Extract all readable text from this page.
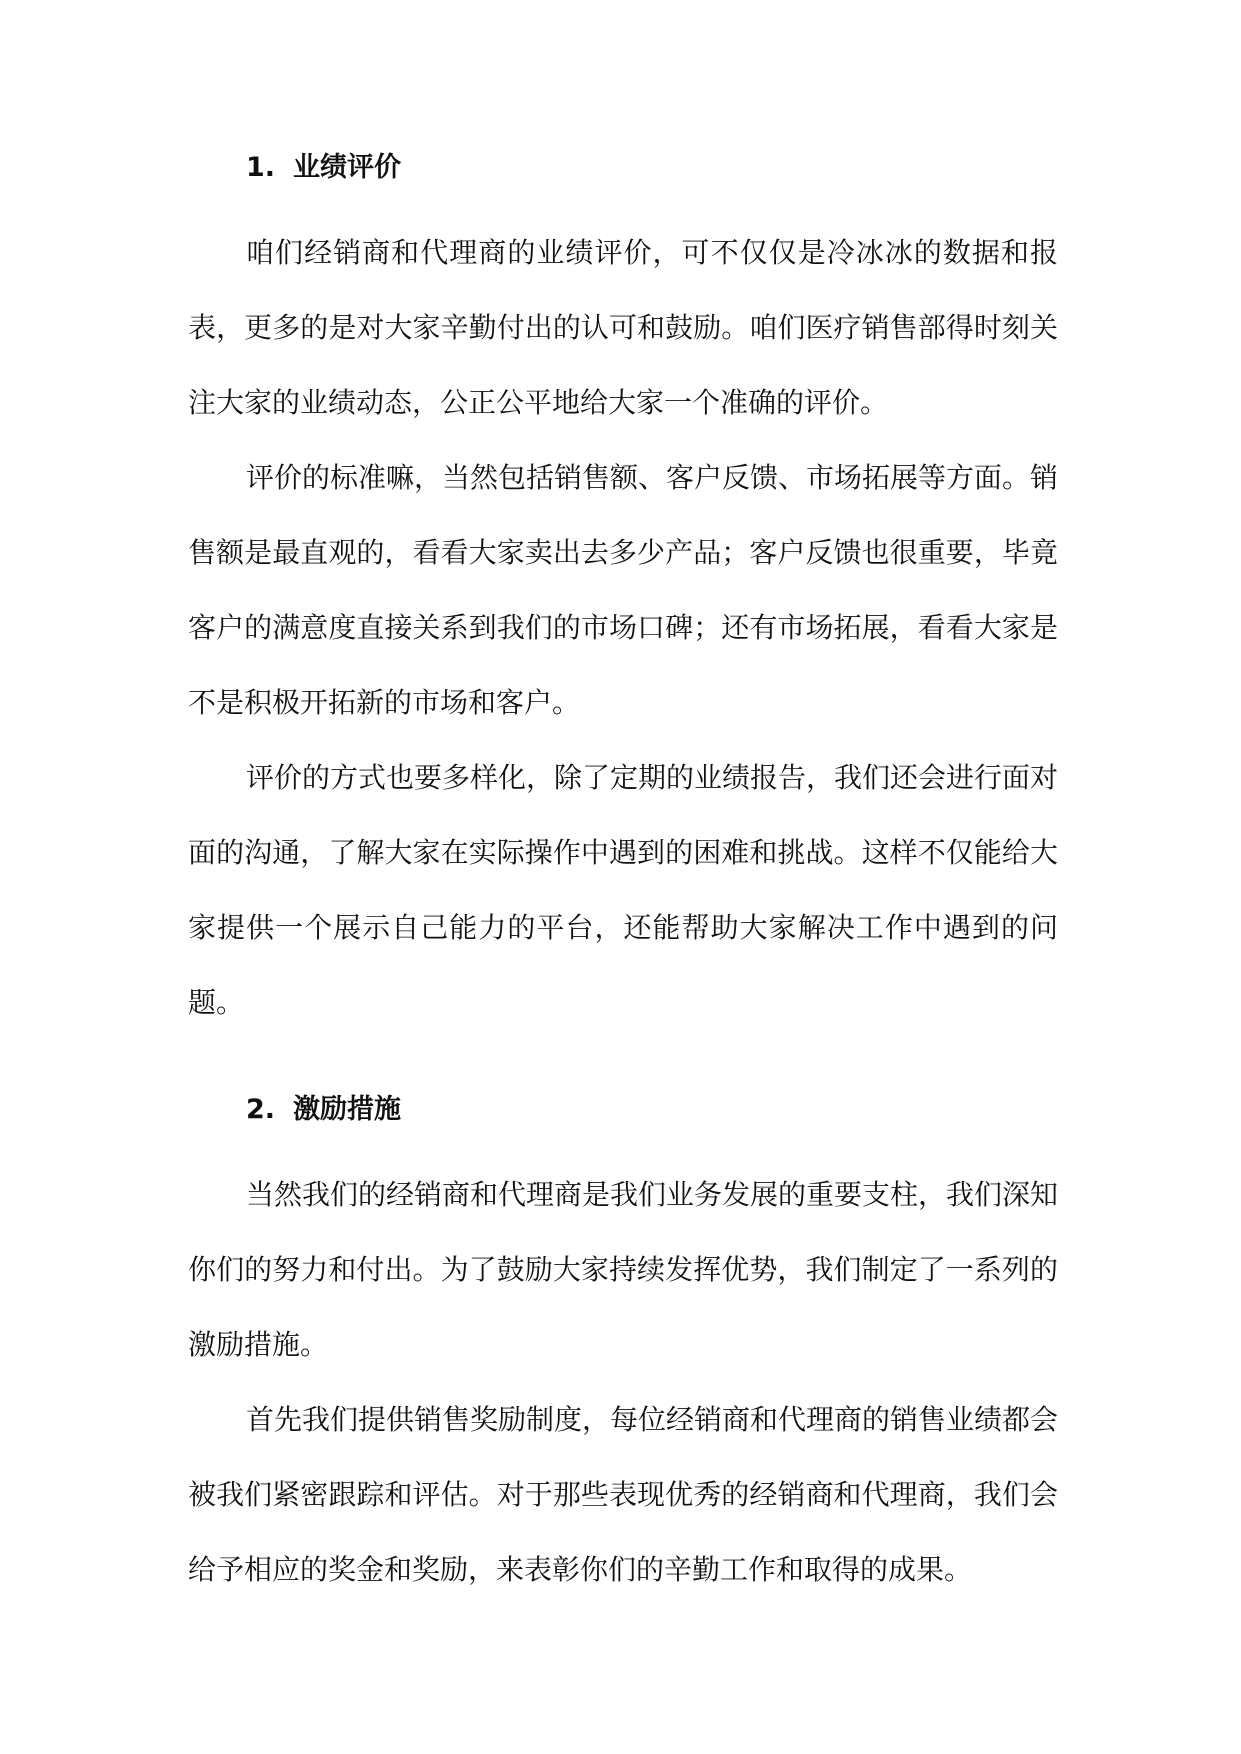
1. 业绩评价

咱们经销商和代理商的业绩评价，可不仅仅是冷冰冰的数据和报表，更多的是对大家辛勤付出的认可和鼓励。咱们医疗销售部得时刻关注大家的业绩动态，公正公平地给大家一个准确的评价。

评价的标准嘛，当然包括销售额、客户反馈、市场拓展等方面。销售额是最直观的，看看大家卖出去多少产品；客户反馈也很重要，毕竟客户的满意度直接关系到我们的市场口碑；还有市场拓展，看看大家是不是积极开拓新的市场和客户。

评价的方式也要多样化，除了定期的业绩报告，我们还会进行面对面的沟通，了解大家在实际操作中遇到的困难和挑战。这样不仅能给大家提供一个展示自己能力的平台，还能帮助大家解决工作中遇到的问题。

2. 激励措施

当然我们的经销商和代理商是我们业务发展的重要支柱，我们深知你们的努力和付出。为了鼓励大家持续发挥优势，我们制定了一系列的激励措施。

首先我们提供销售奖励制度，每位经销商和代理商的销售业绩都会被我们紧密跟踪和评估。对于那些表现优秀的经销商和代理商，我们会给予相应的奖金和奖励，来表彰你们的辛勤工作和取得的成果。
